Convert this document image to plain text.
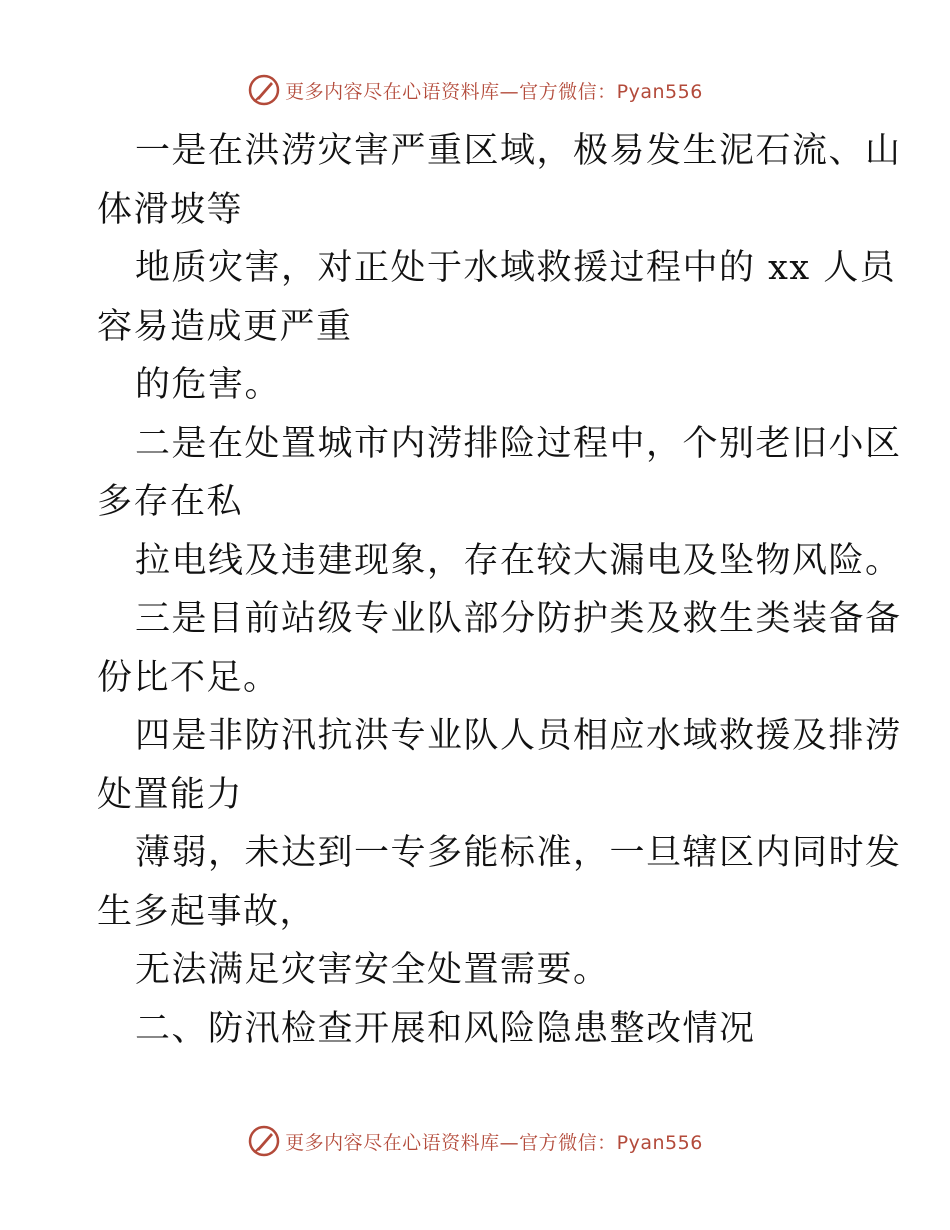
更多内容尽在心语资料库—官方微信：Pyan556
一是在洪涝灾害严重区域，极易发生泥石流、山
体滑坡等
地质灾害，对正处于水域救援过程中的 xx 人员
容易造成更严重
的危害。
二是在处置城市内涝排险过程中，个别老旧小区
多存在私
拉电线及违建现象，存在较大漏电及坠物风险。
三是目前站级专业队部分防护类及救生类装备备
份比不足。
四是非防汛抗洪专业队人员相应水域救援及排涝
处置能力
薄弱，未达到一专多能标准，一旦辖区内同时发
生多起事故，
无法满足灾害安全处置需要。
二、防汛检查开展和风险隐患整改情况
更多内容尽在心语资料库—官方微信：Pyan556
